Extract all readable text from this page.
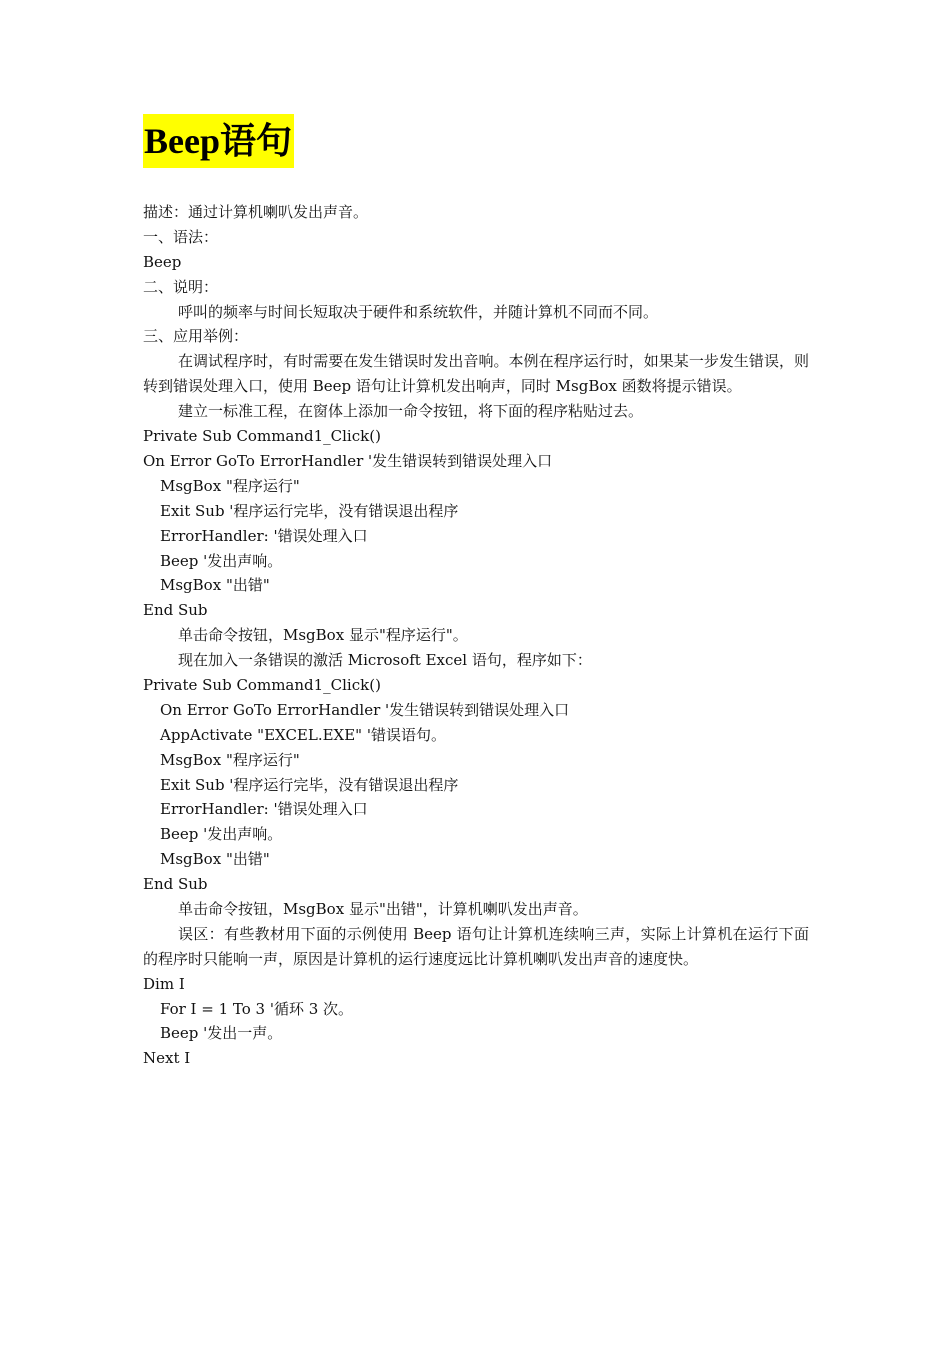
Beep语句
描述：通过计算机喇叭发出声音。
一、语法：
Beep
二、说明：
呼叫的频率与时间长短取决于硬件和系统软件，并随计算机不同而不同。
三、应用举例：
在调试程序时，有时需要在发生错误时发出音响。本例在程序运行时，如果某一步发生错误，则转到错误处理入口，使用 Beep 语句让计算机发出响声，同时 MsgBox 函数将提示错误。
建立一标准工程，在窗体上添加一命令按钮，将下面的程序粘贴过去。
Private Sub Command1_Click()
On Error GoTo ErrorHandler '发生错误转到错误处理入口
MsgBox "程序运行"
Exit Sub '程序运行完毕，没有错误退出程序
ErrorHandler: '错误处理入口
Beep '发出声响。
MsgBox "出错"
End Sub
单击命令按钮，MsgBox 显示"程序运行"。
现在加入一条错误的激活 Microsoft Excel 语句，程序如下：
Private Sub Command1_Click()
On Error GoTo ErrorHandler '发生错误转到错误处理入口
AppActivate "EXCEL.EXE" '错误语句。
MsgBox "程序运行"
Exit Sub '程序运行完毕，没有错误退出程序
ErrorHandler: '错误处理入口
Beep '发出声响。
MsgBox "出错"
End Sub
单击命令按钮，MsgBox 显示"出错"，计算机喇叭发出声音。
误区：有些教材用下面的示例使用 Beep 语句让计算机连续响三声，实际上计算机在运行下面的程序时只能响一声，原因是计算机的运行速度远比计算机喇叭发出声音的速度快。
Dim I
For I = 1 To 3 '循环 3 次。
Beep '发出一声。
Next I
